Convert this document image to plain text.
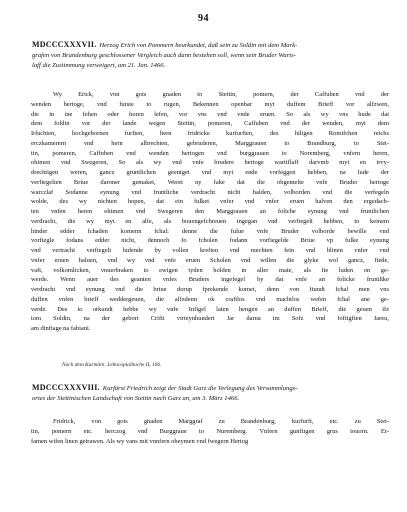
94
MDCCCXXXVII. Herzog Erich von Pommern beurkundet, daß sein zu Soldin mit dem Mark-
grafen von Brandenburg geschlossener Vergleich auch dann bestehen soll, wenn sein Bruder Warts-
laff die Zustimmung verweigert, am 21. Jan. 1466.
Wy Erick, von gots gnaden to Stettin, pomern, der Caffuben vnd der
wenden hertoge, vnd furste to rugen, Bekennen openbar myt duffem Brieff vor alfzwen,
die in ine fehen oder horen lefen, vor vns vnd vnde eruen. So als wy vns hude dat
dem foldin vor der lande wegen Stettin, pomeren, Caffuben vnd der wenden, myt dem
Irluchten, hochgebornen furften, hern fridricke kurfurften, des hiligen Romifchen reichs
erczkamerern vnd hern albrechten, gebruderen, Marggrauen to Brandburg, to Stet-
tin, pomeren, Caffuben vnd wenden hertogen vnd burggrauen to Noremberg, vnfern heren,
ohimen vnd Swegeren, So als wy vnd vnfe brudere hertoge warttflaff darvmb myt en trvy-
drechtigen weren, gancz gruntlichen geeniget vnd myt ende vorfeggen hebben, na lude der
verfiegelten Briue daroner gemaket, Weret ny fake dat die obgemelte vnfe Bruder hertoge
warczlaf Sodanne eynung vnd fruntliche verdracht nicht halden, volborden vnd die verfegeln
wolde, des wy nichten hopen, dat ein fulket vnfer vnd vnfer eruen halven den ergedach-
ten vnfen heren ohimen vnd Swegeren den Marggrauen an foliche eynung vnd fruntlichen
verdracht, die wy myt en alfe, als bouengefchreuen ingegan vnd verfiegelt hebben, to keinem
hinder edder fchaden komenn fchal: denne die fulue vnfe Bruder volborde bewille vnd
vorfiegle fodans edder nicht, dennoch fo fcholen fodann vorfiegelde Briue vp fulke eynung
vnd vertracht verfiegelt ludende by vollen kreften vnd mechten fein vnd blinen vnfer vnd
vnfer eruen haluen, vnd wy vnd vnfe eruen Scholen vnd willen die glyke wol gancz, ftede,
vaft, volkomlicken, vnuerbraken to ewigen tyden holden in aller mate, als fie luden on ge-
werde. Wenn auer des geanten vnfes Bruders ingefegel by dat vnfe an folicke fruntlike
verdracht vnd eynung vnd die briue dorup fprekende komet, denn von ftundt fchal men vns
duffen vnfen brieff weddergeuen, die alfzdenn ok craftlos vnd machtlos wefen fchal ane ge-
verde. Des to orkundt hebbe wy vnfe Infigel laten hengen an duffen Brieff, die geuen ifz
tom Soldin, na der gebort Crifti virteynhundert Jar darna im Sofz vnd foftigften Jareu,
am dinftage na fabiani.
Nach dem Kurmärk. Lehncopialbuche II, 106.
MDCCCXXXVIII. Kurfürst Friedrich zeigt der Stadt Garz die Verlegung des Versammlungs-
ortes der Stettinischen Landschaft von Stettin nach Garz an, am 3. März 1466.
Fridrick, von gots gnaden Marggraf zu Brandenburg, kurfurft, etc. zu Stet-
tin, pomern etc. herczog vnd Burggraue to Nuremberg. Vnfern gunftigen grus touorn. Er-
famen wifen linen getrawen. Als wy vans mit vnnfern oheymen vnd fwegern Hertog
